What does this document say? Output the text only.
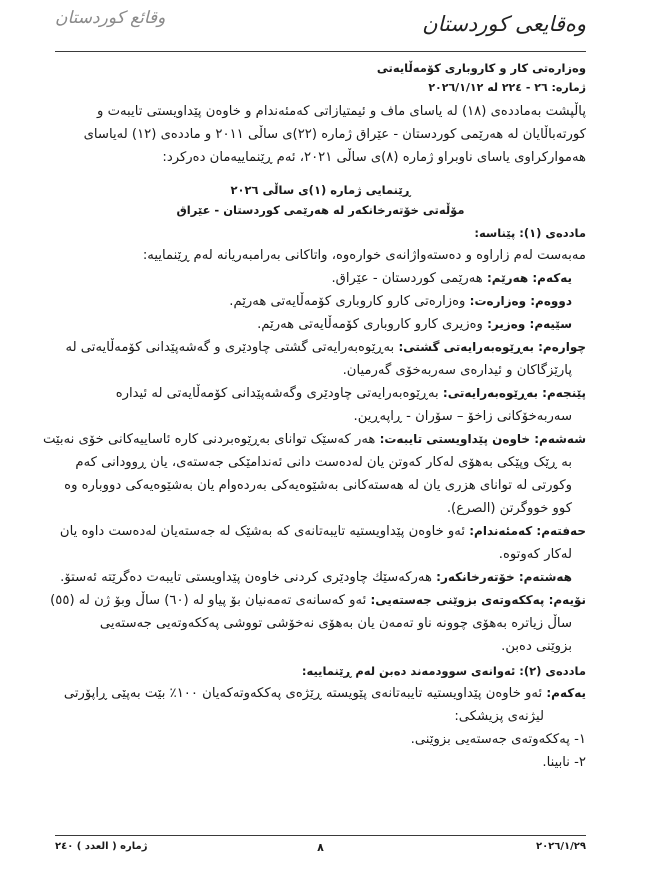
وەقایعی کوردستان
وقائع كوردستان

وەزارەتی کار و کاروباری کۆمەڵایەتی

ژمارە: ٢٦ - ٢٢٤ لە ٢٠٢٦/١/١٢

پاڵپشت بەماددەی (١٨) لە یاسای ماف و ئیمتیازاتی کەمئەندام و خاوەن پێداویستی تایبەت و

کورتەباڵایان لە هەرێمی کوردستان - عێراق ژمارە (٢٢)ی ساڵی ٢٠١١ و ماددەی (١٢) لەیاسای

هەموارکراوی یاسای ناوبراو ژمارە (٨)ی ساڵی ٢٠٢١، ئەم ڕێنماییەمان دەرکرد:

ڕێنمایی ژمارە (١)ی ساڵی ٢٠٢٦

مۆڵەتی خۆتەرخانکەر لە هەرێمی کوردستان - عێراق

ماددەی (١): پێناسە:

مەبەست لەم زاراوە و دەستەواژانەی خوارەوە، واتاکانی بەرامبەریانە لەم ڕێنماییە:

یەکەم: هەرێم: هەرێمی کوردستان - عێراق.

دووەم: وەزارەت: وەزارەتی کارو کاروباری کۆمەڵایەتی هەرێم.

سێیەم: وەزیر: وەزیری کارو کاروباری کۆمەڵایەتی هەرێم.

چوارەم: بەڕێوەبەرایەتی گشتی: بەڕێوەبەرایەتی گشتی چاودێری و گەشەپێدانی کۆمەڵایەتی لە

پارێزگاکان و ئیدارەی سەربەخۆی گەرمیان.

پێنجەم: بەڕێوەبەرایەتی: بەڕێوەبەرایەتی چاودێری وگەشەپێدانی کۆمەڵایەتی لە ئیدارە

سەربەخۆکانی زاخۆ – سۆران - ڕاپەڕین.

شەشەم: خاوەن پێداویستی تایبەت: هەر کەسێک توانای بەڕێوەبردنی کارە ئاساییەکانی خۆی نەبێت

بە ڕێک وپێکی بەهۆی لەکار کەوتن یان لەدەست دانی ئەندامێکی جەستەی، یان ڕوودانی کەم

وکورتی لە توانای هزری یان لە هەستەکانی بەشێوەیەکی بەردەوام یان بەشێوەیەکی دووبارە وە

کوو خووگرتن (الصرع).

حەفتەم: کەمئەندام: ئەو خاوەن پێداویستیە تایبەتانەی کە بەشێک لە جەستەیان لەدەست داوە یان

لەکار کەوتوە.

هەشتەم: خۆتەرخانکەر: هەرکەسێك چاودێری کردنی خاوەن پێداویستی تایبەت دەگرێتە ئەستۆ.

نۆیەم: پەککەوتەی بزوێنی جەستەیی: ئەو کەسانەی تەمەنیان بۆ پیاو لە (٦٠) ساڵ وبۆ ژن لە (٥٥)

ساڵ زیاترە بەهۆی چوونە ناو تەمەن یان بەهۆی نەخۆشی تووشی پەککەوتەیی جەستەیی

بزوێنی دەبن.

ماددەی (٢): ئەوانەی سوودمەند دەبن لەم ڕێنماییە:

یەکەم: ئەو خاوەن پێداویستیە تایبەتانەی پێویستە ڕێژەی پەککەوتەکەیان ١٠٠٪ بێت بەپێی ڕاپۆرتی

لیژنەی پزیشکی:

١- پەککەوتەی جەستەیی بزوێنی.

٢- نابینا.

٢٠٢٦/١/٢٩
٨
ژمارە ( العدد ) ٢٤٠
